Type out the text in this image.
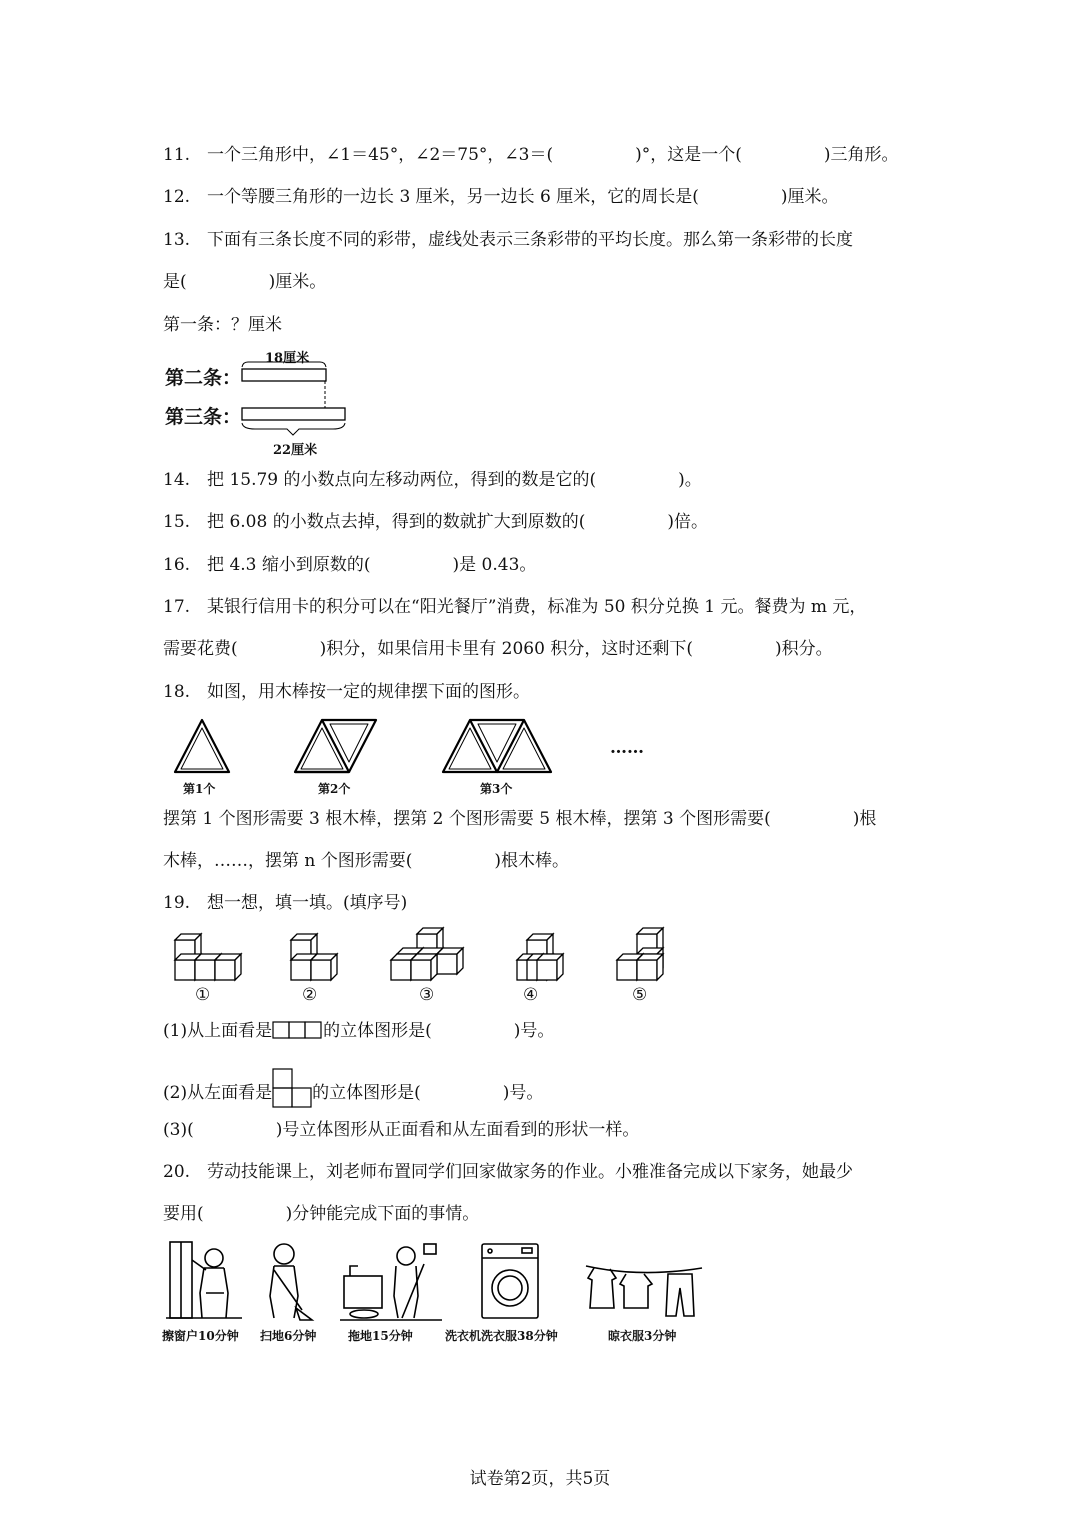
11.　一个三角形中，∠1＝45°，∠2＝75°，∠3＝(	)°，这是一个(	)三角形。
12.　一个等腰三角形的一边长 3 厘米，另一边长 6 厘米，它的周长是(	)厘米。
13.　下面有三条长度不同的彩带，虚线处表示三条彩带的平均长度。那么第一条彩带的长度
是(	)厘米。
第一条：？厘米
18厘米
第二条：
第三条：
22厘米
14.　把 15.79 的小数点向左移动两位，得到的数是它的(	)。
15.　把 6.08 的小数点去掉，得到的数就扩大到原数的(	)倍。
16.　把 4.3 缩小到原数的(	)是 0.43。
17.　某银行信用卡的积分可以在“阳光餐厅”消费，标准为 50 积分兑换 1 元。餐费为 m 元，
需要花费(	)积分，如果信用卡里有 2060 积分，这时还剩下(	)积分。
18.　如图，用木棒按一定的规律摆下面的图形。
……
第1个	第2个	第3个
摆第 1 个图形需要 3 根木棒，摆第 2 个图形需要 5 根木棒，摆第 3 个图形需要(	)根
木棒，……，摆第 n 个图形需要(	)根木棒。
19.　想一想，填一填。(填序号)
①	②	③	④	⑤
(1)从上面看是	的立体图形是(	)号。
(2)从左面看是 的立体图形是(	)号。
(3)(	)号立体图形从正面看和从左面看到的形状一样。
20.　劳动技能课上，刘老师布置同学们回家做家务的作业。小雅准备完成以下家务，她最少
要用(	)分钟能完成下面的事情。
擦窗户10分钟 扫地6分钟	拖地15分钟	洗衣机洗衣服38分钟	晾衣服3分钟
试卷第2页，共5页
